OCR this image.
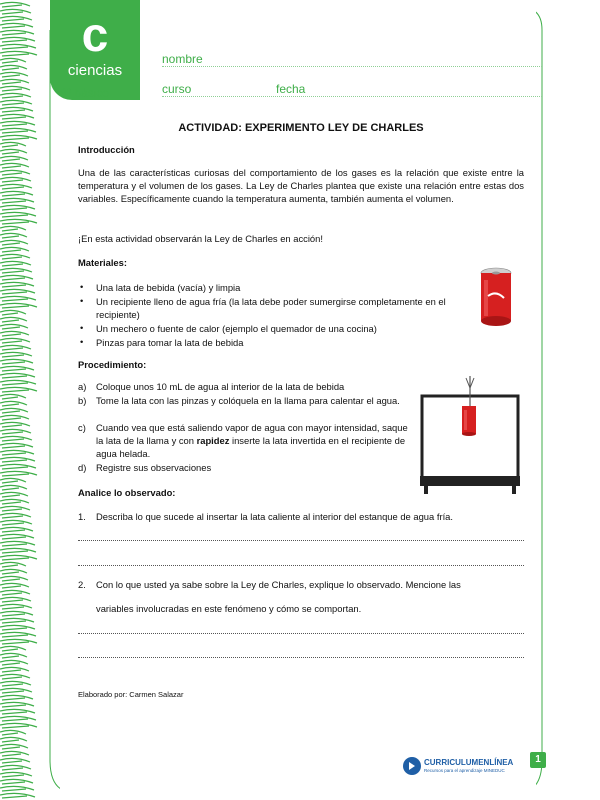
c
ciencias
8º básico
nombre
curso	fecha
ACTIVIDAD: EXPERIMENTO LEY DE CHARLES
Introducción
Una de las características curiosas del comportamiento de los gases es la relación que existe entre la temperatura y el volumen de los gases. La Ley de Charles plantea que existe una relación entre estas dos variables. Específicamente cuando la temperatura aumenta, también aumenta el volumen.
¡En esta actividad observarán la Ley de Charles en acción!
Materiales:
• Una lata de bebida (vacía) y limpia
• Un recipiente lleno de agua fría (la lata debe poder sumergirse completamente en el recipiente)
• Un mechero o fuente de calor (ejemplo el quemador de una cocina)
• Pinzas para tomar la lata de bebida
Procedimiento:
a) Coloque unos 10 mL de agua al interior de la lata de bebida
b) Tome la lata con las pinzas y colóquela en la llama para calentar el agua.
c) Cuando vea que está saliendo vapor de agua con mayor intensidad, saque la lata de la llama y con rapidez inserte la lata invertida en el recipiente de agua helada.
d) Registre sus observaciones
Analice lo observado:
1. Describa lo que sucede al insertar la lata caliente al interior del estanque de agua fría.
2. Con lo que usted ya sabe sobre la Ley de Charles, explique lo observado. Mencione las
variables involucradas en este fenómeno y cómo se comportan.
Elaborado por: Carmen Salazar
CURRICULUMENLÍNEA
Recursos para el aprendizaje MINEDUC
1
